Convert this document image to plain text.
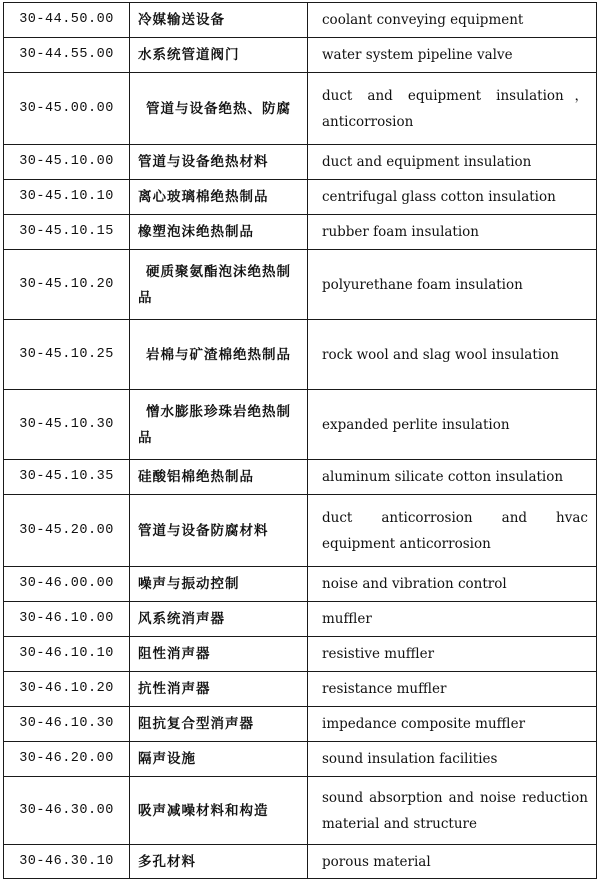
30-44.50.00	冷媒输送设备	coolant conveying equipment
30-44.55.00	水系统管道阀门	water system pipeline valve
30-45.00.00	管道与设备绝热、防腐	duct and equipment insulation，anticorrosion
30-45.10.00	管道与设备绝热材料	duct and equipment insulation
30-45.10.10	离心玻璃棉绝热制品	centrifugal glass cotton insulation
30-45.10.15	橡塑泡沫绝热制品	rubber foam insulation
30-45.10.20	硬质聚氨酯泡沫绝热制品	polyurethane foam insulation
30-45.10.25	岩棉与矿渣棉绝热制品	rock wool and slag wool insulation
30-45.10.30	憎水膨胀珍珠岩绝热制品	expanded perlite insulation
30-45.10.35	硅酸铝棉绝热制品	aluminum silicate cotton insulation
30-45.20.00	管道与设备防腐材料	duct anticorrosion and hvac equipment anticorrosion
30-46.00.00	噪声与振动控制	noise and vibration control
30-46.10.00	风系统消声器	muffler
30-46.10.10	阻性消声器	resistive muffler
30-46.10.20	抗性消声器	resistance muffler
30-46.10.30	阻抗复合型消声器	impedance composite muffler
30-46.20.00	隔声设施	sound insulation facilities
30-46.30.00	吸声减噪材料和构造	sound absorption and noise reduction material and structure
30-46.30.10	多孔材料	porous material
